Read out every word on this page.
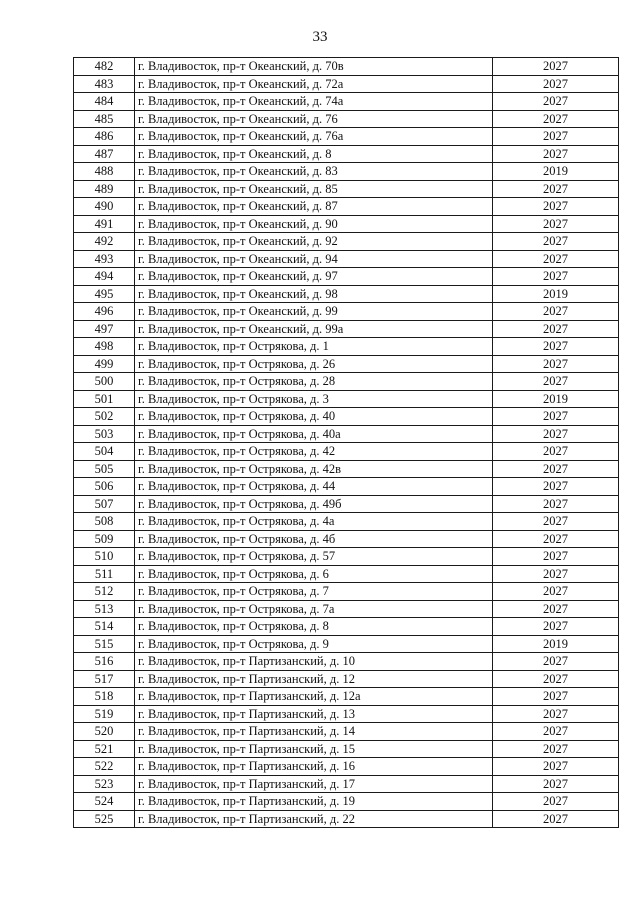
33
482	г. Владивосток, пр-т Океанский, д. 70в	2027
483	г. Владивосток, пр-т Океанский, д. 72а	2027
484	г. Владивосток, пр-т Океанский, д. 74а	2027
485	г. Владивосток, пр-т Океанский, д. 76	2027
486	г. Владивосток, пр-т Океанский, д. 76а	2027
487	г. Владивосток, пр-т Океанский, д. 8	2027
488	г. Владивосток, пр-т Океанский, д. 83	2019
489	г. Владивосток, пр-т Океанский, д. 85	2027
490	г. Владивосток, пр-т Океанский, д. 87	2027
491	г. Владивосток, пр-т Океанский, д. 90	2027
492	г. Владивосток, пр-т Океанский, д. 92	2027
493	г. Владивосток, пр-т Океанский, д. 94	2027
494	г. Владивосток, пр-т Океанский, д. 97	2027
495	г. Владивосток, пр-т Океанский, д. 98	2019
496	г. Владивосток, пр-т Океанский, д. 99	2027
497	г. Владивосток, пр-т Океанский, д. 99а	2027
498	г. Владивосток, пр-т Острякова, д. 1	2027
499	г. Владивосток, пр-т Острякова, д. 26	2027
500	г. Владивосток, пр-т Острякова, д. 28	2027
501	г. Владивосток, пр-т Острякова, д. 3	2019
502	г. Владивосток, пр-т Острякова, д. 40	2027
503	г. Владивосток, пр-т Острякова, д. 40а	2027
504	г. Владивосток, пр-т Острякова, д. 42	2027
505	г. Владивосток, пр-т Острякова, д. 42в	2027
506	г. Владивосток, пр-т Острякова, д. 44	2027
507	г. Владивосток, пр-т Острякова, д. 49б	2027
508	г. Владивосток, пр-т Острякова, д. 4а	2027
509	г. Владивосток, пр-т Острякова, д. 4б	2027
510	г. Владивосток, пр-т Острякова, д. 57	2027
511	г. Владивосток, пр-т Острякова, д. 6	2027
512	г. Владивосток, пр-т Острякова, д. 7	2027
513	г. Владивосток, пр-т Острякова, д. 7а	2027
514	г. Владивосток, пр-т Острякова, д. 8	2027
515	г. Владивосток, пр-т Острякова, д. 9	2019
516	г. Владивосток, пр-т Партизанский, д. 10	2027
517	г. Владивосток, пр-т Партизанский, д. 12	2027
518	г. Владивосток, пр-т Партизанский, д. 12а	2027
519	г. Владивосток, пр-т Партизанский, д. 13	2027
520	г. Владивосток, пр-т Партизанский, д. 14	2027
521	г. Владивосток, пр-т Партизанский, д. 15	2027
522	г. Владивосток, пр-т Партизанский, д. 16	2027
523	г. Владивосток, пр-т Партизанский, д. 17	2027
524	г. Владивосток, пр-т Партизанский, д. 19	2027
525	г. Владивосток, пр-т Партизанский, д. 22	2027
